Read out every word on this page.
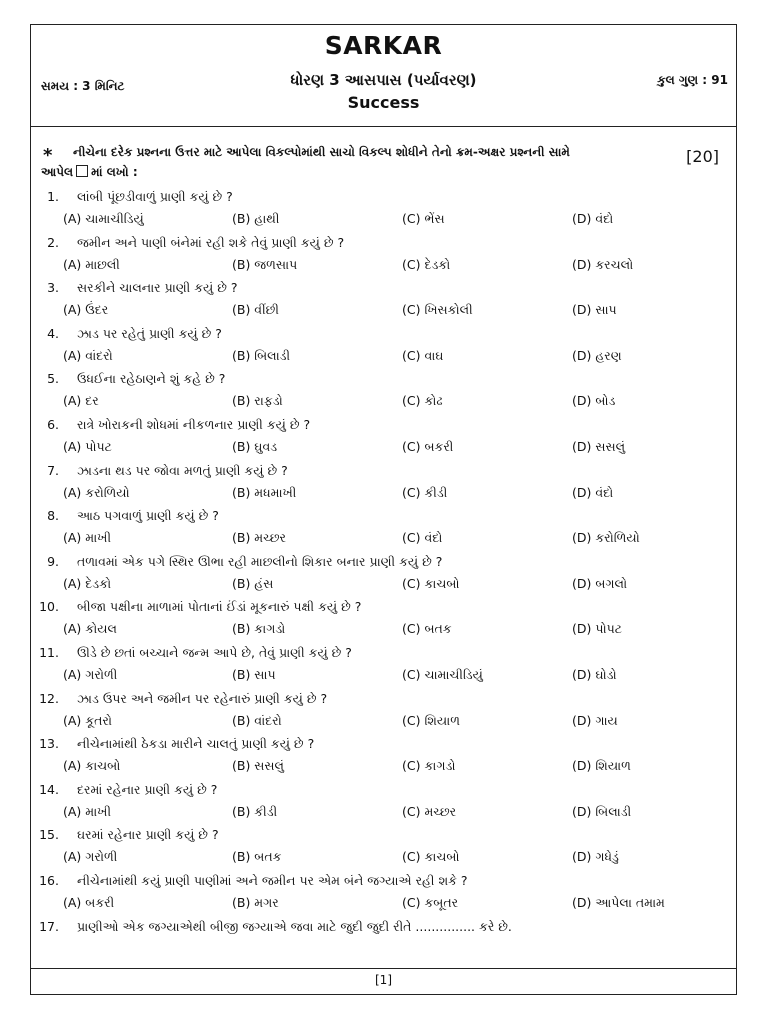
SARKAR
સમય : 3 મિનિટ	ધોરણ 3 આસપાસ (પર્યાવરણ)	કુલ ગુણ : 91
Success
* નીચેના દરેક પ્રશ્નના ઉત્તર માટે આપેલા વિકલ્પોમાંથી સાચો વિકલ્પ શોધીને તેનો ક્રમ-અક્ષર પ્રશ્નની સામે
આપેલ માં લખો :
[20]
1. લાંબી પૂંછડીવાળું પ્રાણી કયું છે ?
(A) ચામાચીડિયું	(B) હાથી	(C) ભેંસ	(D) વંદો
2. જમીન અને પાણી બંનેમાં રહી શકે તેવું પ્રાણી કયું છે ?
(A) માછલી	(B) જળસાપ	(C) દેડકો	(D) કરચલો
3. સરકીને ચાલનાર પ્રાણી કયું છે ?
(A) ઉંદર	(B) વીંછી	(C) ખિસકોલી	(D) સાપ
4. ઝાડ પર રહેતું પ્રાણી કયું છે ?
(A) વાંદરો	(B) બિલાડી	(C) વાઘ	(D) હરણ
5. ઉધઈના રહેઠાણને શું કહે છે ?
(A) દર	(B) રાફડો	(C) કોઢ	(D) બોડ
6. રાત્રે ખોરાકની શોધમાં નીકળનાર પ્રાણી કયું છે ?
(A) પોપટ	(B) ઘુવડ	(C) બકરી	(D) સસલું
7. ઝાડના થડ પર જોવા મળતું પ્રાણી કયું છે ?
(A) કરોળિયો	(B) મધમાખી	(C) કીડી	(D) વંદો
8. આઠ પગવાળું પ્રાણી કયું છે ?
(A) માખી	(B) મચ્છર	(C) વંદો	(D) કરોળિયો
9. તળાવમાં એક પગે સ્થિર ઊભા રહી માછલીનો શિકાર બનાર પ્રાણી કયું છે ?
(A) દેડકો	(B) હંસ	(C) કાચબો	(D) બગલો
10. બીજા પક્ષીના માળામાં પોતાનાં ઈંડાં મૂકનારું પક્ષી કયું છે ?
(A) કોયલ	(B) કાગડો	(C) બતક	(D) પોપટ
11. ઊડે છે છતાં બચ્ચાને જન્મ આપે છે, તેવું પ્રાણી કયું છે ?
(A) ગરોળી	(B) સાપ	(C) ચામાચીડિયું	(D) ઘોડો
12. ઝાડ ઉપર અને જમીન પર રહેનારું પ્રાણી કયું છે ?
(A) કૂતરો	(B) વાંદરો	(C) શિયાળ	(D) ગાય
13. નીચેનામાંથી ઠેકડા મારીને ચાલતું પ્રાણી કયું છે ?
(A) કાચબો	(B) સસલું	(C) કાગડો	(D) શિયાળ
14. દરમાં રહેનાર પ્રાણી કયું છે ?
(A) માખી	(B) કીડી	(C) મચ્છર	(D) બિલાડી
15. ઘરમાં રહેનાર પ્રાણી કયું છે ?
(A) ગરોળી	(B) બતક	(C) કાચબો	(D) ગધેડું
16. નીચેનામાંથી કયું પ્રાણી પાણીમાં અને જમીન પર એમ બંને જગ્યાએ રહી શકે ?
(A) બકરી	(B) મગર	(C) કબૂતર	(D) આપેલા તમામ
17. પ્રાણીઓ એક જગ્યાએથી બીજી જગ્યાએ જવા માટે જુદી જુદી રીતે ............... કરે છે.
[1]
